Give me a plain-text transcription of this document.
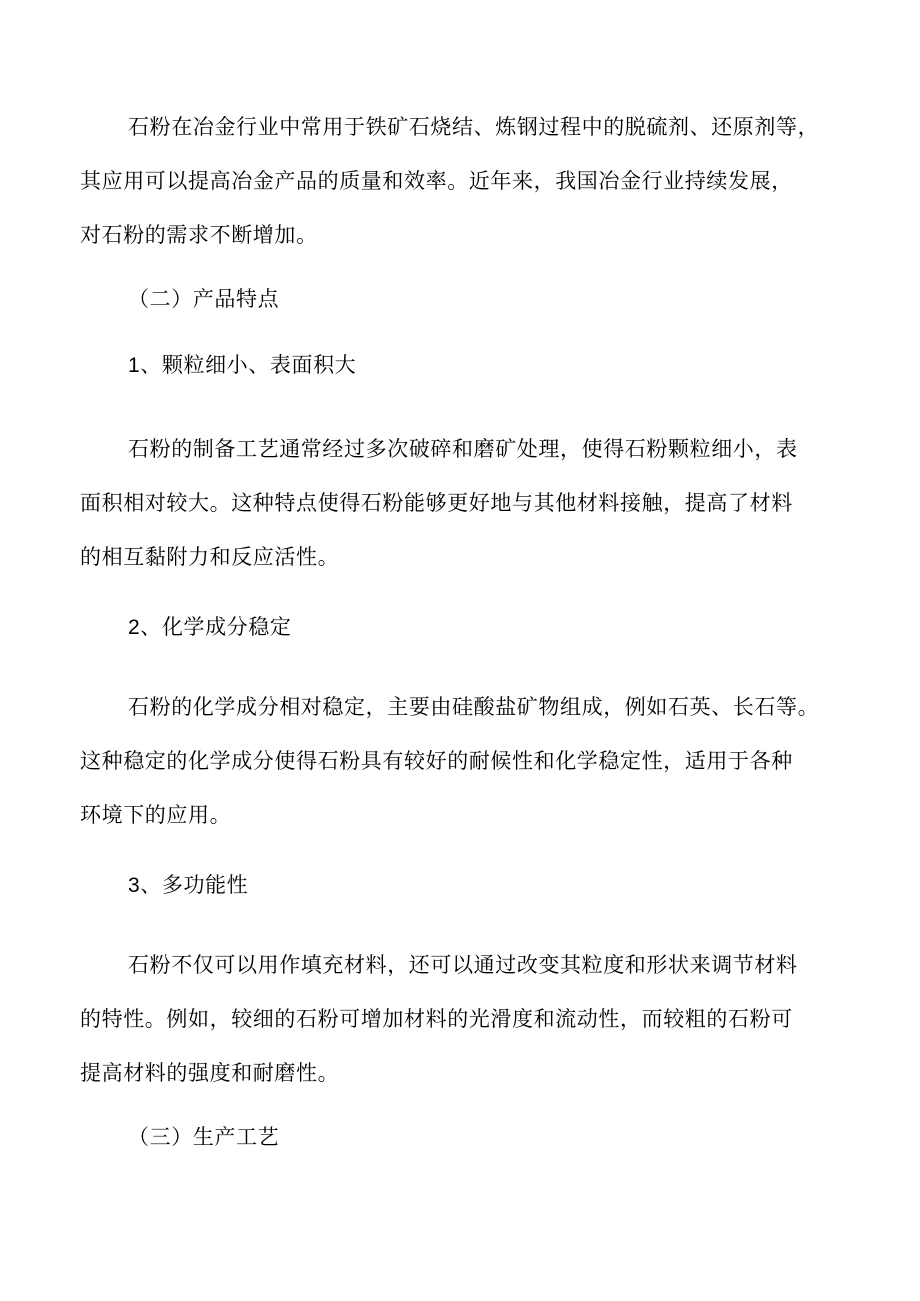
石粉在冶金行业中常用于铁矿石烧结、炼钢过程中的脱硫剂、还原剂等，
其应用可以提高冶金产品的质量和效率。近年来，我国冶金行业持续发展，
对石粉的需求不断增加。
（二）产品特点
1、颗粒细小、表面积大
石粉的制备工艺通常经过多次破碎和磨矿处理，使得石粉颗粒细小，表
面积相对较大。这种特点使得石粉能够更好地与其他材料接触，提高了材料
的相互黏附力和反应活性。
2、化学成分稳定
石粉的化学成分相对稳定，主要由硅酸盐矿物组成，例如石英、长石等。
这种稳定的化学成分使得石粉具有较好的耐候性和化学稳定性，适用于各种
环境下的应用。
3、多功能性
石粉不仅可以用作填充材料，还可以通过改变其粒度和形状来调节材料
的特性。例如，较细的石粉可增加材料的光滑度和流动性，而较粗的石粉可
提高材料的强度和耐磨性。
（三）生产工艺
